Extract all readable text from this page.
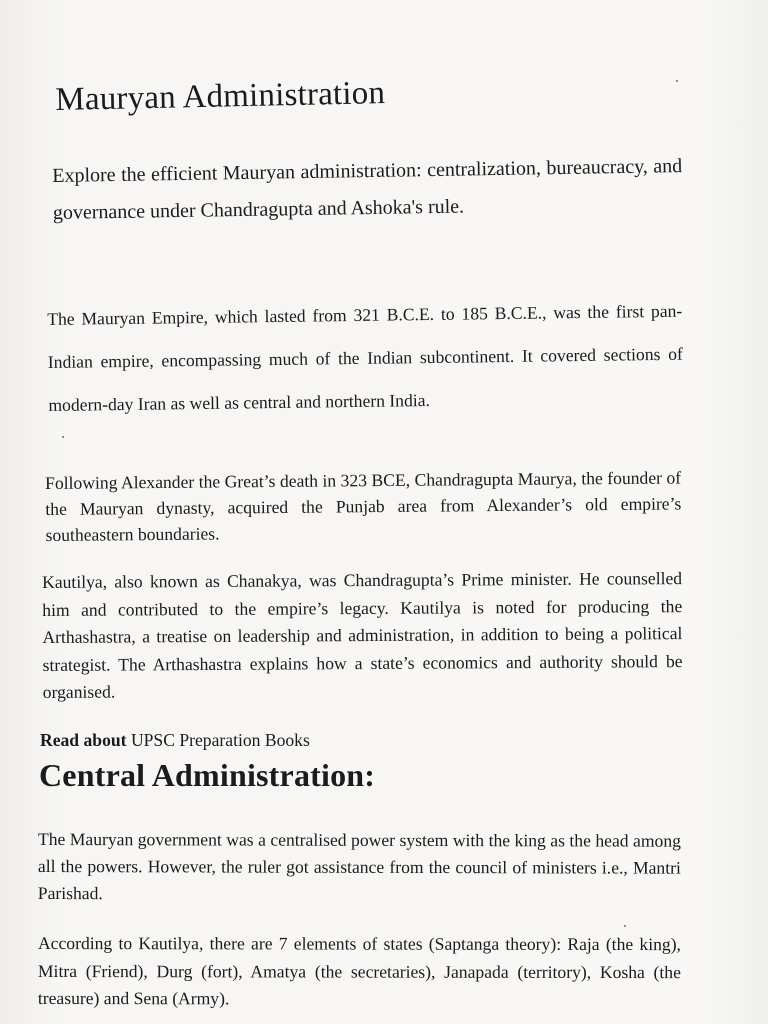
Mauryan Administration

Explore the efficient Mauryan administration: centralization, bureaucracy, and governance under Chandragupta and Ashoka's rule.

The Mauryan Empire, which lasted from 321 B.C.E. to 185 B.C.E., was the first pan-Indian empire, encompassing much of the Indian subcontinent. It covered sections of modern-day Iran as well as central and northern India.

Following Alexander the Great’s death in 323 BCE, Chandragupta Maurya, the founder of the Mauryan dynasty, acquired the Punjab area from Alexander’s old empire’s southeastern boundaries.

Kautilya, also known as Chanakya, was Chandragupta’s Prime minister. He counselled him and contributed to the empire’s legacy. Kautilya is noted for producing the Arthashastra, a treatise on leadership and administration, in addition to being a political strategist. The Arthashastra explains how a state’s economics and authority should be organised.

Read about UPSC Preparation Books

Central Administration:

The Mauryan government was a centralised power system with the king as the head among all the powers. However, the ruler got assistance from the council of ministers i.e., Mantri Parishad.

According to Kautilya, there are 7 elements of states (Saptanga theory): Raja (the king), Mitra (Friend), Durg (fort), Amatya (the secretaries), Janapada (territory), Kosha (the treasure) and Sena (Army).
